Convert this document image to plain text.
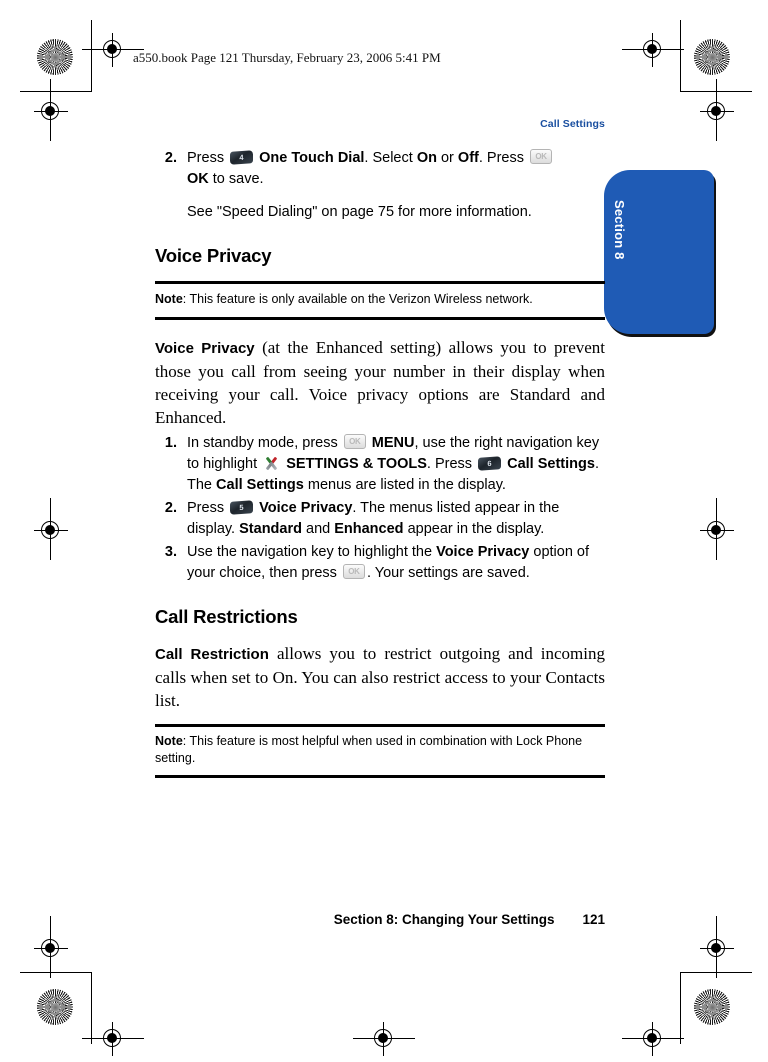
a550.book Page 121 Thursday, February 23, 2006 5:41 PM
Section 8
Call Settings
2. Press 4 One Touch Dial. Select On or Off. Press OK
OK to save.
See "Speed Dialing" on page 75 for more information.
Voice Privacy
Note: This feature is only available on the Verizon Wireless network.

Voice Privacy (at the Enhanced setting) allows you to prevent those you call from seeing your number in their display when receiving your call. Voice privacy options are Standard and Enhanced.

1. In standby mode, press OK MENU, use the right navigation key to highlight SETTINGS & TOOLS. Press 6 Call Settings. The Call Settings menus are listed in the display.
2. Press 5 Voice Privacy. The menus listed appear in the display. Standard and Enhanced appear in the display.
3. Use the navigation key to highlight the Voice Privacy option of your choice, then press OK . Your settings are saved.
Call Restrictions

Call Restriction allows you to restrict outgoing and incoming calls when set to On. You can also restrict access to your Contacts list.

Note: This feature is most helpful when used in combination with Lock Phone setting.
Section 8: Changing Your Settings 121
